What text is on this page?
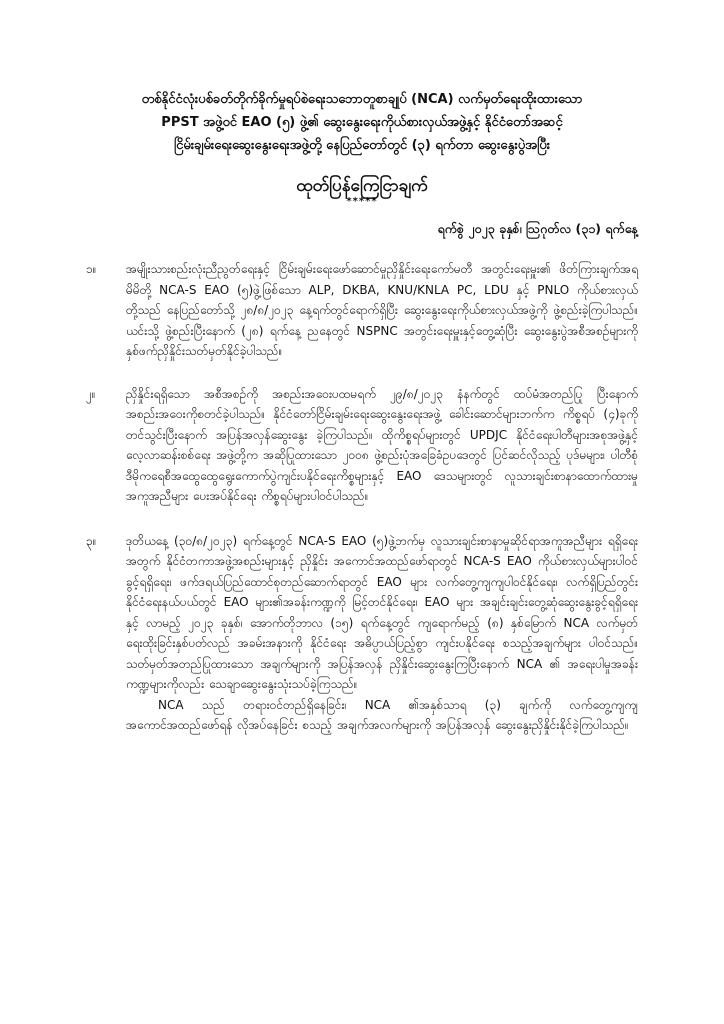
တစ်နိုင်ငံလုံးပစ်ခတ်တိုက်ခိုက်မှုရပ်စဲရေးသဘောတူစာချုပ် (NCA) လက်မှတ်ရေးထိုးထားသော
PPST အဖွဲ့ဝင် EAO (၅) ဖွဲ့၏ ဆွေးနွေးရေးကိုယ်စားလှယ်အဖွဲ့နှင့် နိုင်ငံတော်အဆင့်
ငြိမ်းချမ်းရေးဆွေးနွေးရေးအဖွဲ့တို့ နေပြည်တော်တွင် (၃) ရက်တာ ဆွေးနွေးပွဲအပြီး
ထုတ်ပြန်ကြေငြာချက်
*****
ရက်စွဲ ၂၀၂၃ ခုနှစ်၊ ဩဂုတ်လ (၃၁) ရက်နေ့
၁။ အမျိုးသားစည်းလုံးညီညွတ်ရေးနှင့် ငြိမ်းချမ်းရေးဖော်ဆောင်မှုညှိနှိုင်းရေးကော်မတီ အတွင်းရေးမှူး၏ ဖိတ်ကြားချက်အရ မိမိတို့ NCA-S EAO (၅)ဖွဲ့ဖြစ်သော ALP, DKBA, KNU/KNLA PC, LDU နှင့် PNLO ကိုယ်စားလှယ်တို့သည် နေပြည်တော်သို့ ၂၈/၈/၂၀၂၃ နေ့ရက်တွင်ရောက်ရှိပြီး ဆွေးနွေးရေးကိုယ်စားလှယ်အဖွဲ့ကို ဖွဲ့စည်းခဲ့ကြပါသည်။ ယင်းသို့ ဖွဲ့စည်းပြီးနောက် (၂၈) ရက်နေ့ ညနေတွင် NSPNC အတွင်းရေးမှူးနှင့်တွေ့ဆုံပြီး ဆွေးနွေးပွဲအစီအစဉ်များကို နှစ်ဖက်ညှိနှိုင်းသတ်မှတ်နိုင်ခဲ့ပါသည်။
၂။	ညှိနှိုင်းရရှိသော အစီအစဉ်ကို အစည်းအဝေးပထမရက် ၂၉/၈/၂၀၂၃ နံနက်တွင် ထပ်မံအတည်ပြု ပြီးနောက် အစည်းအဝေးကိုစတင်ခဲ့ပါသည်။ နိုင်ငံတော်ငြိမ်းချမ်းရေးဆွေးနွေးရေးအဖွဲ့ ခေါင်းဆောင်များဘက်က ကိစ္စရပ် (၄)ခုကို တင်သွင်းပြီးနောက် အပြန်အလှန်ဆွေးနွေး ခဲ့ကြပါသည်။ ထိုကိစ္စရပ်များတွင် UPDJC နိုင်ငံရေးပါတီများအစုအဖွဲ့နှင့် လေ့လာဆန်းစစ်ရေး အဖွဲ့တို့က အဆိုပြုထားသော ၂၀၀၈ ဖွဲ့စည်းပုံအခြေခံဥပဒေတွင် ပြင်ဆင်လိုသည့် ပုဒ်မများ၊ ပါတီစုံဒီမိုကရေစီအထွေထွေရွေးကောက်ပွဲကျင်းပနိုင်ရေးကိစ္စများနှင့် EAO ဒေသများတွင် လူသားချင်းစာနာထောက်ထားမှုအကူအညီများ ပေးအပ်နိုင်ရေး ကိစ္စရပ်များပါဝင်ပါသည်။
၃။ ဒုတိယနေ့ (၃၀/၈/၂၀၂၃) ရက်နေ့တွင် NCA-S EAO (၅)ဖွဲ့ဘက်မှ လူသားချင်းစာနာမှုဆိုင်ရာအကူအညီများ ရရှိရေးအတွက် နိုင်ငံတကာအဖွဲ့အစည်းများနှင့် ညှိနှိုင်း အကောင်အထည်ဖော်ရာတွင် NCA-S EAO ကိုယ်စားလှယ်များပါဝင်ခွင့်ရရှိရေး၊ ဖက်ဒရယ်ပြည်ထောင်စုတည်ဆောက်ရာတွင် EAO များ လက်တွေ့ကျကျပါဝင်နိုင်ရေး၊ လက်ရှိပြည်တွင်းနိုင်ငံရေးနယ်ပယ်တွင် EAO များ၏အခန်းကဏ္ဍကို မြင့်တင်နိုင်ရေး၊ EAO များ အချင်းချင်းတွေ့ဆုံဆွေးနွေးခွင့်ရရှိရေးနှင့် လာမည့် ၂၀၂၃ ခုနှစ်၊ အောက်တိုဘာလ (၁၅) ရက်နေ့တွင် ကျရောက်မည့် (၈) နှစ်မြောက် NCA လက်မှတ်ရေးထိုးခြင်းနှစ်ပတ်လည် အခမ်းအနားကို နိုင်ငံရေး အဓိပ္ပာယ်ပြည့်စွာ ကျင်းပနိုင်ရေး စသည့်အချက်များ ပါဝင်သည်။ သတ်မှတ်အတည်ပြုထားသော အချက်များကို အပြန်အလှန် ညှိနှိုင်းဆွေးနွေးကြပြီးနောက် NCA ၏ အရေးပါမှုအခန်းကဏ္ဍများကိုလည်း သေချာဆွေးနွေးသုံးသပ်ခဲ့ကြသည်။
NCA သည် တရားဝင်တည်ရှိနေခြင်း၊ NCA ၏အနှစ်သာရ (၃) ချက်ကို လက်တွေ့ကျကျ အကောင်အထည်ဖော်ရန် လိုအပ်နေခြင်း စသည့် အချက်အလက်များကို အပြန်အလှန် ဆွေးနွေးညှိနှိုင်းနိုင်ခဲ့ကြပါသည်။
